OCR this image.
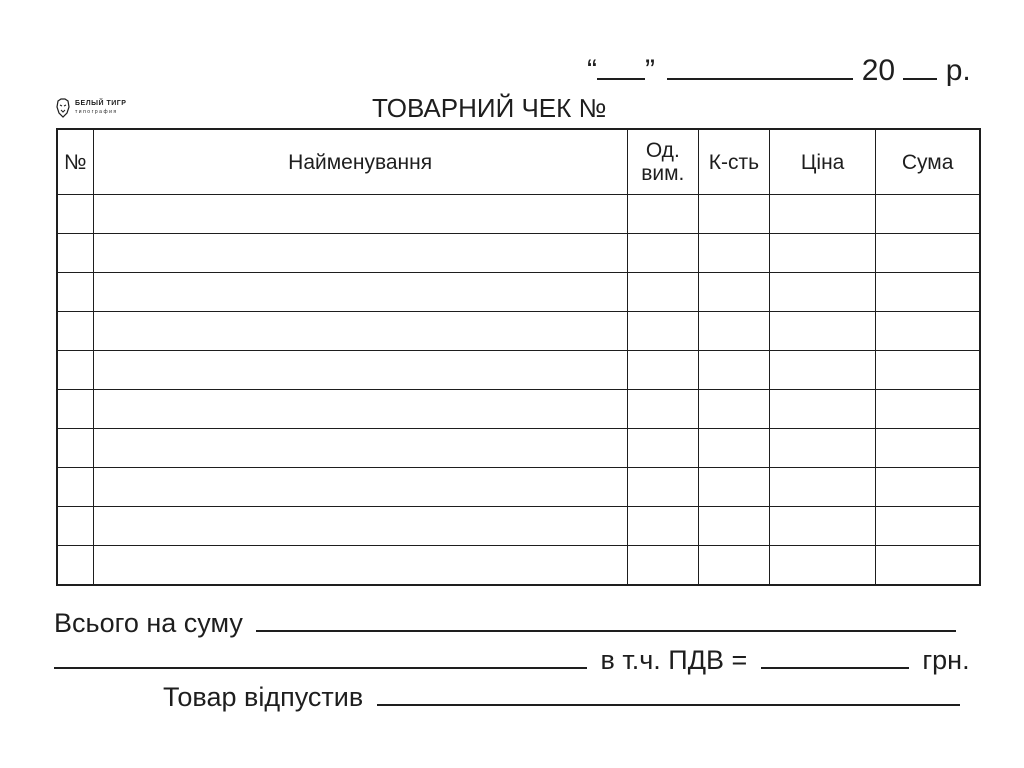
“ ”	20 р.
БЕЛЫЙ ТИГР
типография	ТОВАРНИЙ ЧЕК №
№	Найменування	Од. вим.	К-сть	Ціна	Сума

Всього на суму
в т.ч. ПДВ =	грн.
Товар відпустив
